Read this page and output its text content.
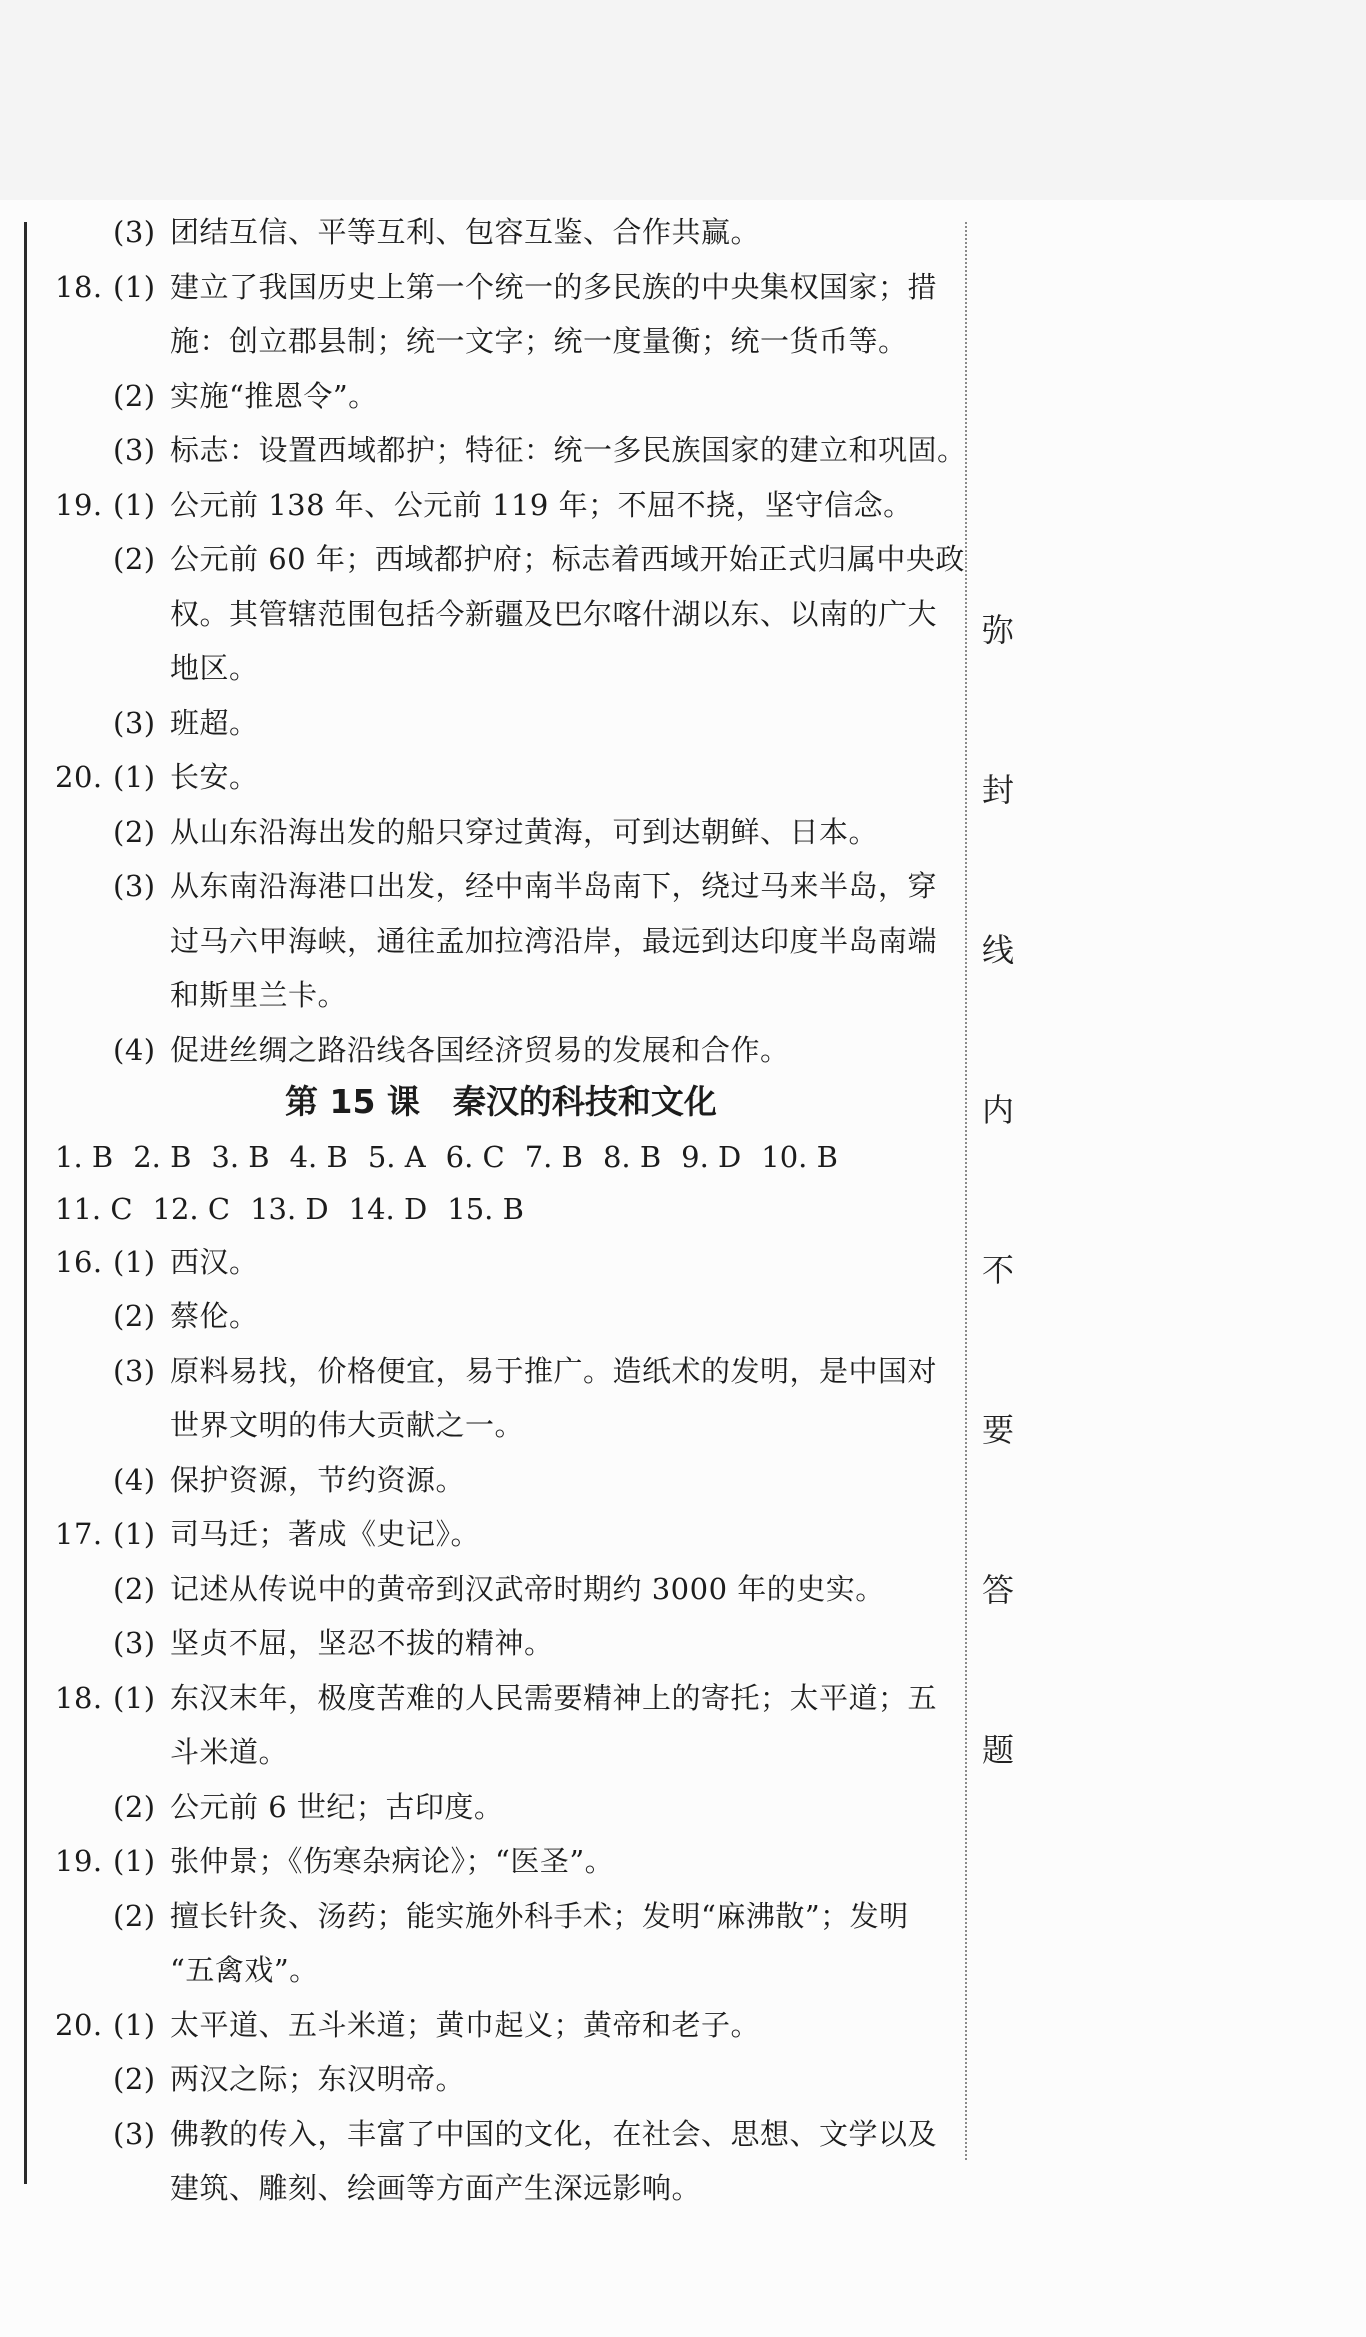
弥
封
线
内
不
要
答
题
(3) 团结互信、平等互利、包容互鉴、合作共赢。
18. (1) 建立了我国历史上第一个统一的多民族的中央集权国家；措
施：创立郡县制；统一文字；统一度量衡；统一货币等。
(2) 实施“推恩令”。
(3) 标志：设置西域都护；特征：统一多民族国家的建立和巩固。
19. (1) 公元前 138 年、公元前 119 年；不屈不挠，坚守信念。
(2) 公元前 60 年；西域都护府；标志着西域开始正式归属中央政
权。其管辖范围包括今新疆及巴尔喀什湖以东、以南的广大
地区。
(3) 班超。
20. (1) 长安。
(2) 从山东沿海出发的船只穿过黄海，可到达朝鲜、日本。
(3) 从东南沿海港口出发，经中南半岛南下，绕过马来半岛，穿
过马六甲海峡，通往孟加拉湾沿岸，最远到达印度半岛南端
和斯里兰卡。
(4) 促进丝绸之路沿线各国经济贸易的发展和合作。
第 15 课　秦汉的科技和文化
1. B 2. B 3. B 4. B 5. A 6. C 7. B 8. B 9. D 10. B
11. C 12. C 13. D 14. D 15. B
16. (1) 西汉。
(2) 蔡伦。
(3) 原料易找，价格便宜，易于推广。造纸术的发明，是中国对
世界文明的伟大贡献之一。
(4) 保护资源，节约资源。
17. (1) 司马迁；著成《史记》。
(2) 记述从传说中的黄帝到汉武帝时期约 3000 年的史实。
(3) 坚贞不屈，坚忍不拔的精神。
18. (1) 东汉末年，极度苦难的人民需要精神上的寄托；太平道；五
斗米道。
(2) 公元前 6 世纪；古印度。
19. (1) 张仲景；《伤寒杂病论》；“医圣”。
(2) 擅长针灸、汤药；能实施外科手术；发明“麻沸散”；发明
“五禽戏”。
20. (1) 太平道、五斗米道；黄巾起义；黄帝和老子。
(2) 两汉之际；东汉明帝。
(3) 佛教的传入，丰富了中国的文化，在社会、思想、文学以及
建筑、雕刻、绘画等方面产生深远影响。
